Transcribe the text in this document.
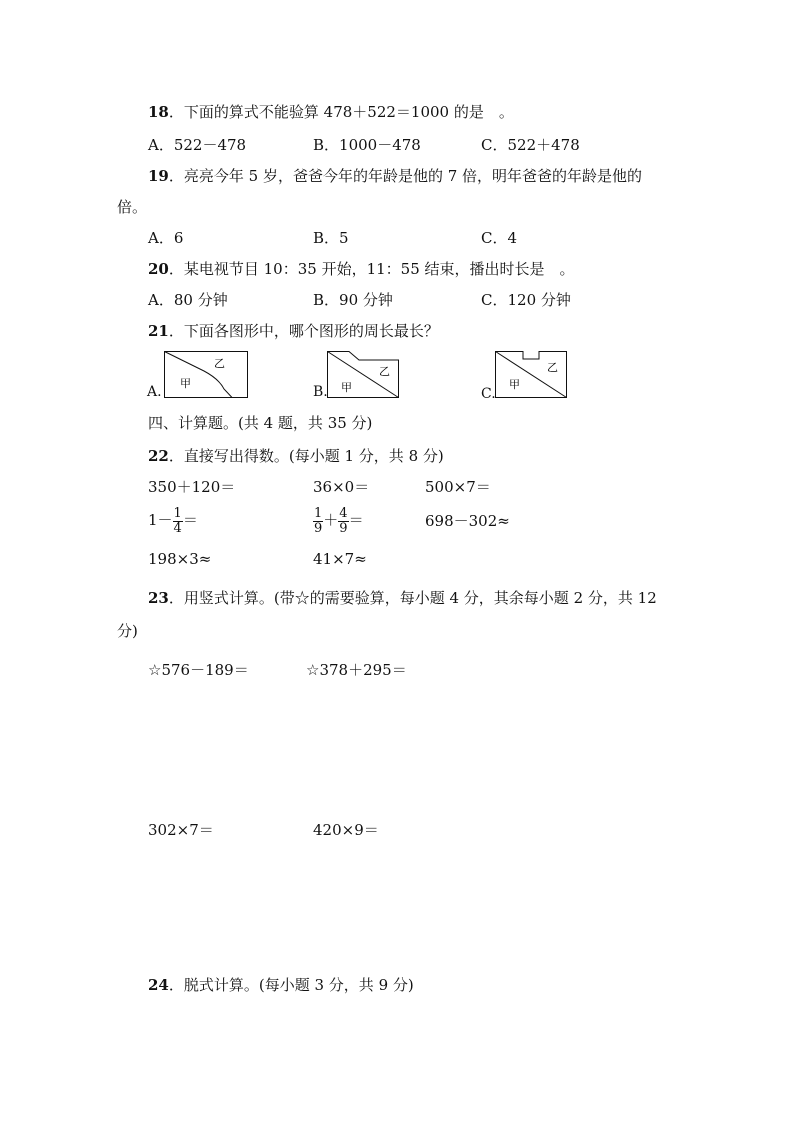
18．下面的算式不能验算 478＋522＝1000 的是　。
A．522－478	B．1000－478	C．522＋478
19．亮亮今年 5 岁，爸爸今年的年龄是他的 7 倍，明年爸爸的年龄是他的
倍。
A．6	B．5	C．4
20．某电视节目 10：35 开始，11：55 结束，播出时长是　。
A．80 分钟	B．90 分钟	C．120 分钟
21．下面各图形中，哪个图形的周长最长？
A.
甲
乙
B. 甲
乙
C.
甲
乙
四、计算题。(共 4 题，共 35 分)
22．直接写出得数。(每小题 1 分，共 8 分)
350＋120＝	36×0＝	500×7＝
$1- \frac{1}{4}$ ＝	$\frac{1}{9} + \frac{4}{9}$ ＝	698－302≈
198×3≈	41×7≈
23．用竖式计算。(带☆的需要验算，每小题 4 分，其余每小题 2 分，共 12
分)
☆576－189＝	☆378＋295＝
302×7＝	420×9＝
24．脱式计算。(每小题 3 分，共 9 分)
